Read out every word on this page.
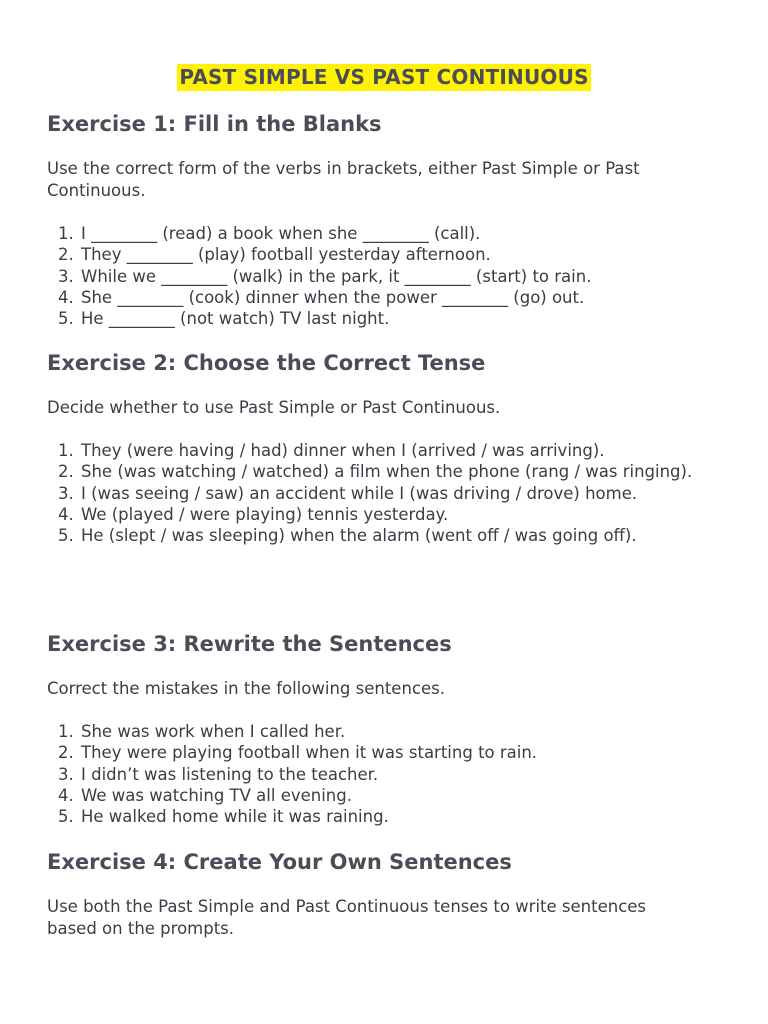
PAST SIMPLE VS PAST CONTINUOUS
Exercise 1: Fill in the Blanks

Use the correct form of the verbs in brackets, either Past Simple or Past Continuous.

1. I ________ (read) a book when she ________ (call).
2. They ________ (play) football yesterday afternoon.
3. While we ________ (walk) in the park, it ________ (start) to rain.
4. She ________ (cook) dinner when the power ________ (go) out.
5. He ________ (not watch) TV last night.
Exercise 2: Choose the Correct Tense

Decide whether to use Past Simple or Past Continuous.

1. They (were having / had) dinner when I (arrived / was arriving).
2. She (was watching / watched) a film when the phone (rang / was ringing).
3. I (was seeing / saw) an accident while I (was driving / drove) home.
4. We (played / were playing) tennis yesterday.
5. He (slept / was sleeping) when the alarm (went off / was going off).
Exercise 3: Rewrite the Sentences

Correct the mistakes in the following sentences.

1. She was work when I called her.
2. They were playing football when it was starting to rain.
3. I didn’t was listening to the teacher.
4. We was watching TV all evening.
5. He walked home while it was raining.
Exercise 4: Create Your Own Sentences

Use both the Past Simple and Past Continuous tenses to write sentences based on the prompts.
